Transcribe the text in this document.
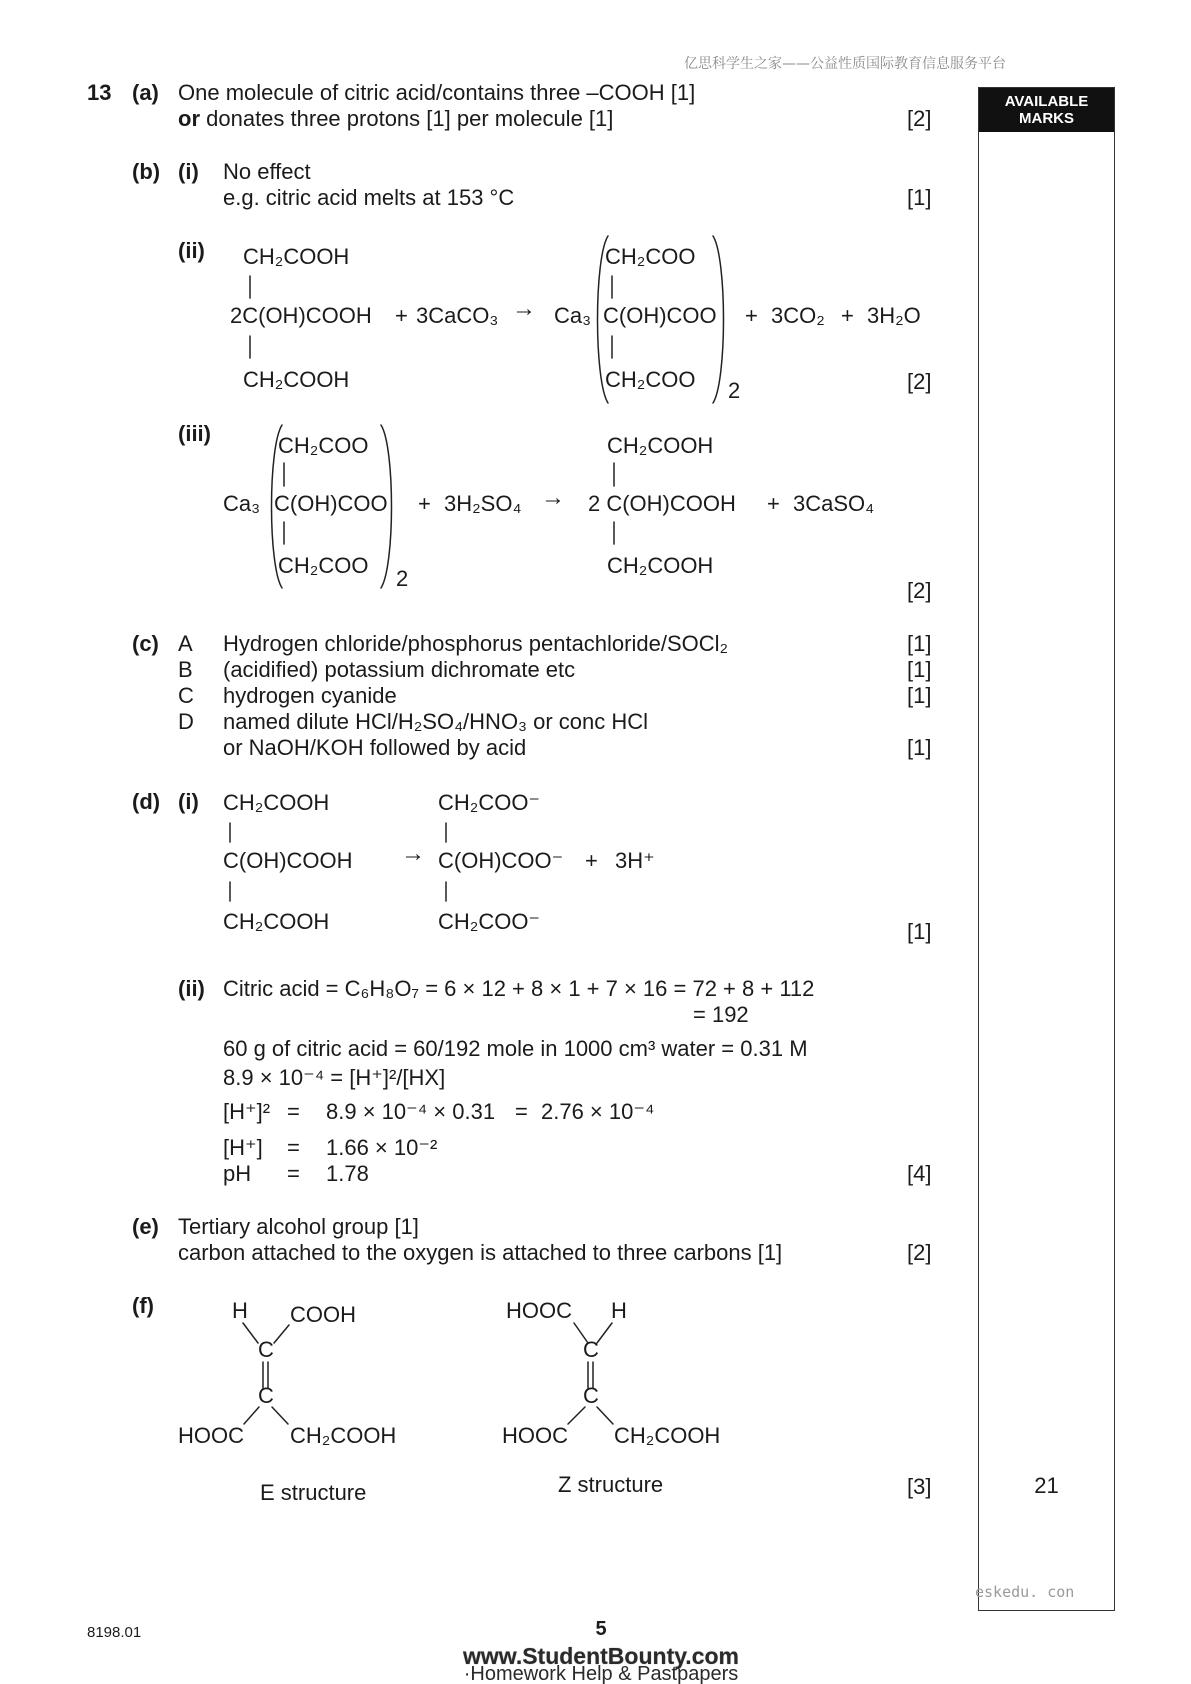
亿思科学生之家——公益性质国际教育信息服务平台
AVAILABLE
MARKS
21
eskedu. con
13 (a) One molecule of citric acid/contains three –COOH [1]
or donates three protons [1] per molecule [1]	[2]
(b) (i) No effect
e.g. citric acid melts at 153 °C	[1]
(ii) CH₂COOH
2C(OH)COOH
CH₂COOH
+ 3CaCO₃ → Ca₃
CH₂COO
C(OH)COO
CH₂COO 2
+ 3CO₂ + 3H₂O
[2]
(iii)
Ca₃
CH₂COO
C(OH)COO
CH₂COO
2
+ 3H₂SO₄ →
CH₂COOH
2 C(OH)COOH
CH₂COOH
+ 3CaSO₄
[2]
(c) A Hydrogen chloride/phosphorus pentachloride/SOCl₂	[1]
B (acidified) potassium dichromate etc	[1]
C hydrogen cyanide	[1]
D named dilute HCl/H₂SO₄/HNO₃ or conc HCl
or NaOH/KOH followed by acid	[1]
(d) (i) CH₂COOH
C(OH)COOH
CH₂COOH
→
CH₂COO⁻
C(OH)COO⁻
CH₂COO⁻
+ 3H⁺
[1]
(ii) Citric acid = C₆H₈O₇ = 6 × 12 + 8 × 1 + 7 × 16 = 72 + 8 + 112
= 192
60 g of citric acid = 60/192 mole in 1000 cm³ water = 0.31 M
8.9 × 10⁻⁴ = [H⁺]²/[HX]
[H⁺]² = 8.9 × 10⁻⁴ × 0.31 = 2.76 × 10⁻⁴
[H⁺] = 1.66 × 10⁻²
pH = 1.78	[4]
(e) Tertiary alcohol group [1]
carbon attached to the oxygen is attached to three carbons [1]	[2]
(f)	H COOH
C
C
HOOC CH₂COOH
E structure
HOOC H
C
C
HOOC CH₂COOH
Z structure	[3]
8198.01	5
www.StudentBounty.com
·Homework Help & Pastpapers
